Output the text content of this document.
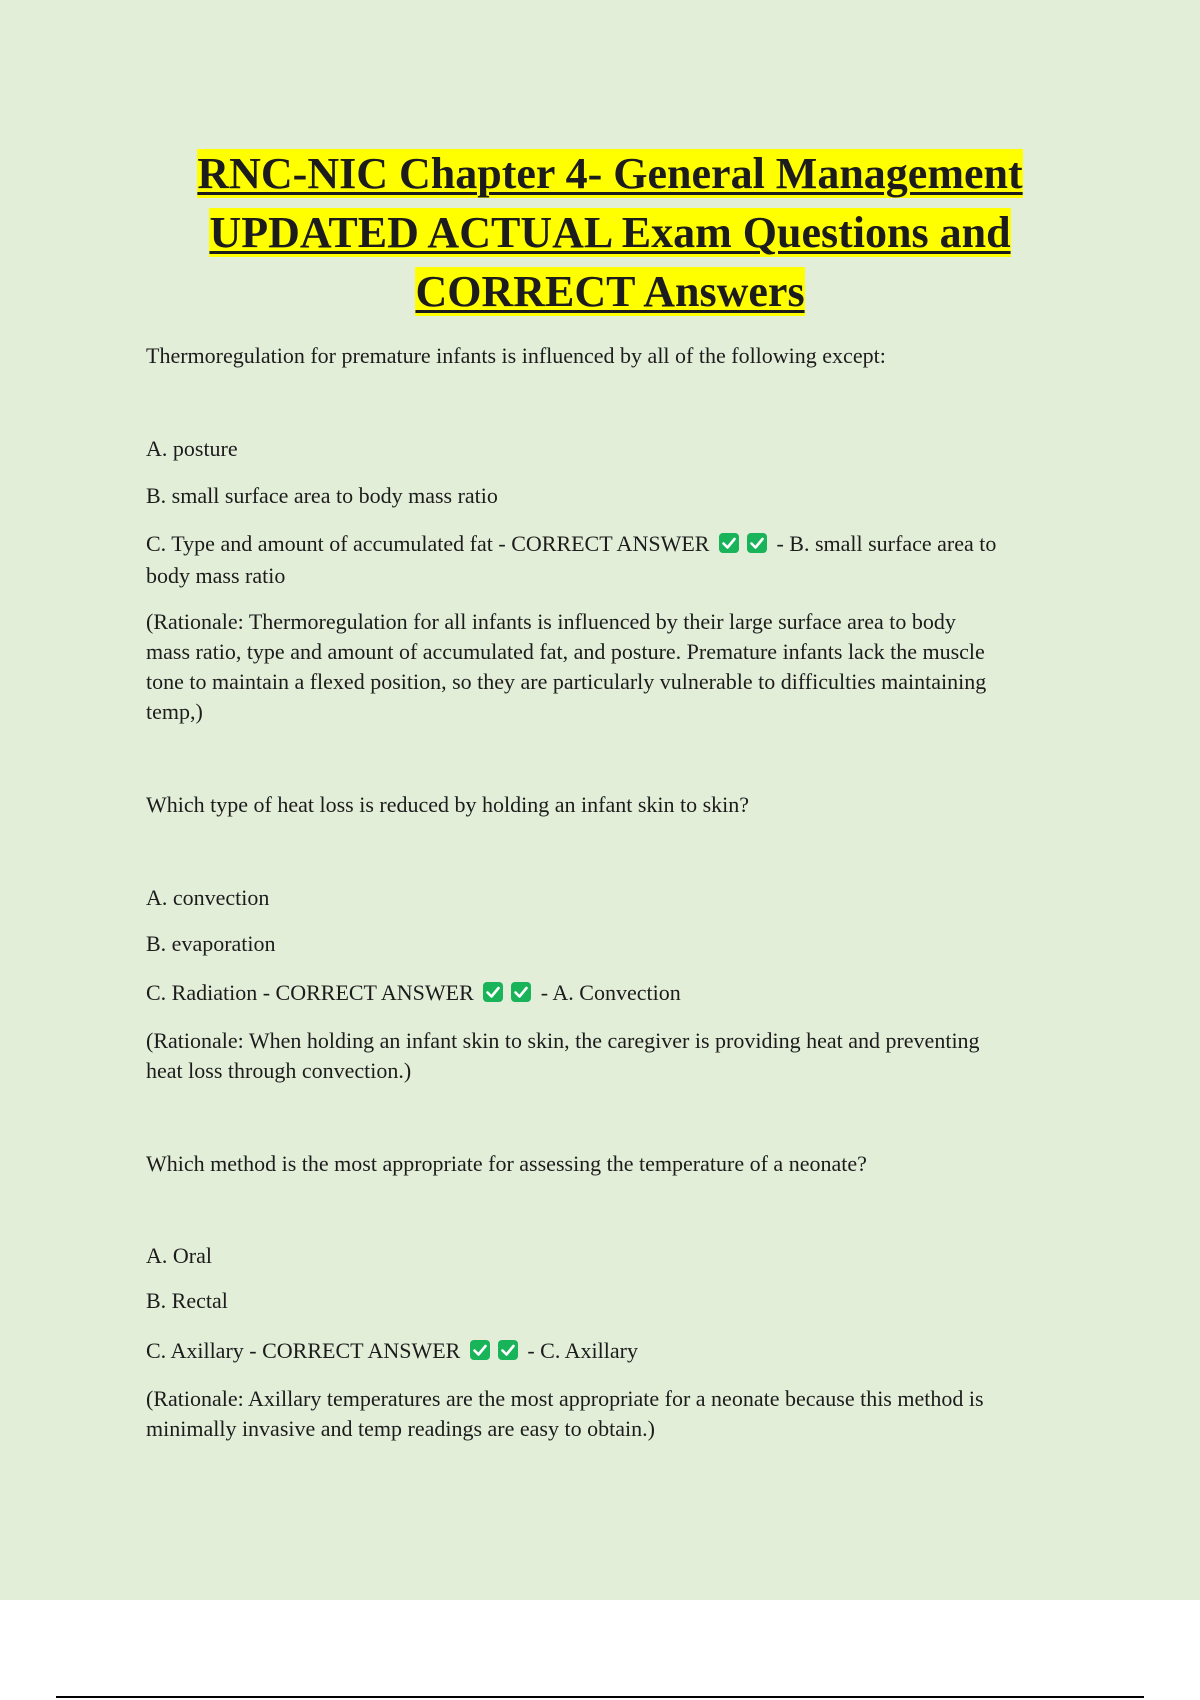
RNC-NIC Chapter 4- General Management
UPDATED ACTUAL Exam Questions and
CORRECT Answers

Thermoregulation for premature infants is influenced by all of the following except:

A. posture

B. small surface area to body mass ratio

C. Type and amount of accumulated fat - CORRECT ANSWER	- B. small surface area to

body mass ratio

(Rationale: Thermoregulation for all infants is influenced by their large surface area to body

mass ratio, type and amount of accumulated fat, and posture. Premature infants lack the muscle

tone to maintain a flexed position, so they are particularly vulnerable to difficulties maintaining

temp,)

Which type of heat loss is reduced by holding an infant skin to skin?

A. convection

B. evaporation

C. Radiation - CORRECT ANSWER	- A. Convection

(Rationale: When holding an infant skin to skin, the caregiver is providing heat and preventing

heat loss through convection.)

Which method is the most appropriate for assessing the temperature of a neonate?

A. Oral

B. Rectal

C. Axillary - CORRECT ANSWER	- C. Axillary

(Rationale: Axillary temperatures are the most appropriate for a neonate because this method is

minimally invasive and temp readings are easy to obtain.)
